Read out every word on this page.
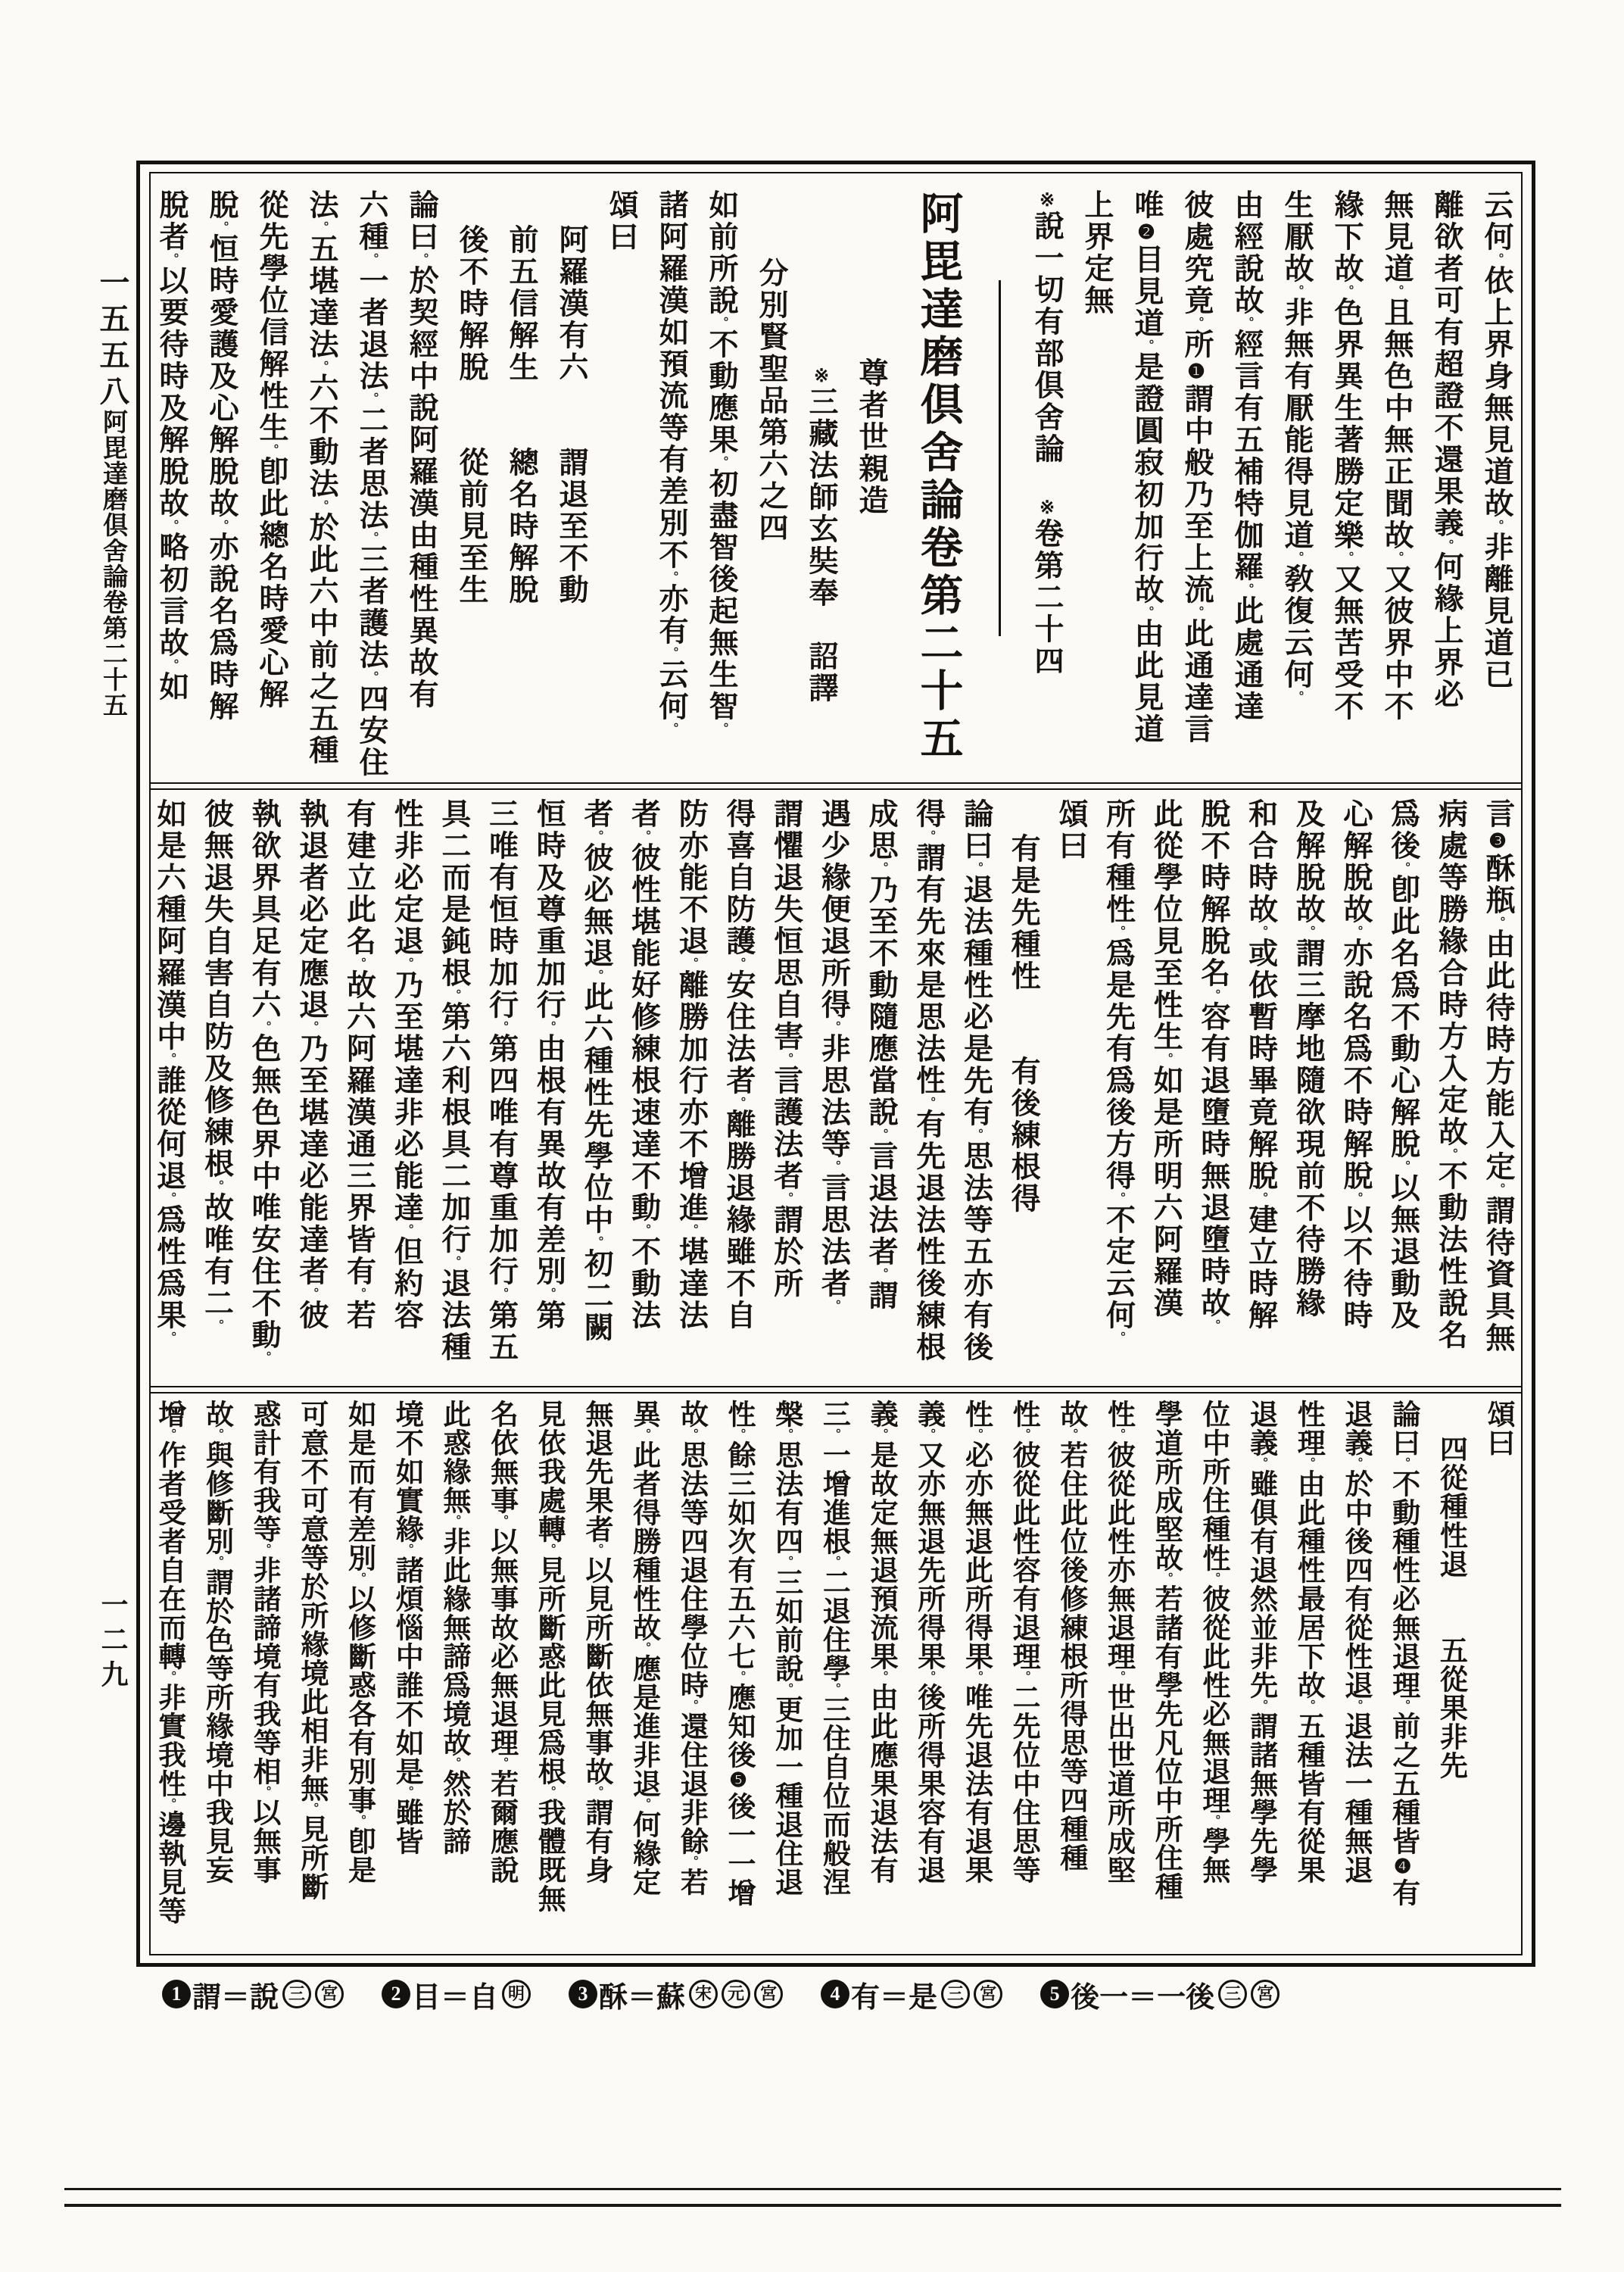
云何。依上界身無見道故。非離見道已
離欲者可有超證不還果義。何緣上界必
無見道。且無色中無正聞故。又彼界中不
緣下故。色界異生著勝定樂。又無苦受不
生厭故。非無有厭能得見道。敎復云何。
由經說故。經言有五補特伽羅。此處通達
彼處究竟。所❶謂中般乃至上流。此通達言
唯❷目見道。是證圓寂初加行故。由此見道
上界定無
※說一切有部倶舍論　※卷第二十四
阿毘達磨倶舍論卷第二十五
尊者世親造
※三藏法師玄奘奉　詔譯
分別賢聖品第六之四
如前所說。不動應果。初盡智後起無生智。
諸阿羅漢如預流等有差別不。亦有。云何。
頌曰
阿羅漢有六　　謂退至不動
前五信解生　　總名時解脫
後不時解脫　　從前見至生
論曰。於契經中說阿羅漢由種性異故有
六種。一者退法。二者思法。三者護法。四安住
法。五堪達法。六不動法。於此六中前之五種
從先學位信解性生。卽此總名時愛心解
脫。恒時愛護及心解脫故。亦說名爲時解
脫者。以要待時及解脫故。略初言故。如
言❸酥瓶。由此待時方能入定。謂待資具無
病處等勝緣合時方入定故。不動法性說名
爲後。卽此名爲不動心解脫。以無退動及
心解脫故。亦說名爲不時解脫。以不待時
及解脫故。謂三摩地隨欲現前不待勝緣
和合時故。或依暫時畢竟解脫。建立時解
脫不時解脫名。容有退墮時無退墮時故。
此從學位見至性生。如是所明六阿羅漢
所有種性。爲是先有爲後方得。不定云何。
頌曰
有是先種性　　有後練根得
論曰。退法種性必是先有。思法等五亦有後
得。謂有先來是思法性。有先退法性後練根
成思。乃至不動隨應當說。言退法者。謂
遇少緣便退所得。非思法等。言思法者。
謂懼退失恒思自害。言護法者。謂於所
得喜自防護。安住法者。離勝退緣雖不自
防亦能不退。離勝加行亦不增進。堪達法
者。彼性堪能好修練根速達不動。不動法
者。彼必無退。此六種性先學位中。初二闕
恒時及尊重加行。由根有異故有差別。第
三唯有恒時加行。第四唯有尊重加行。第五
具二而是鈍根。第六利根具二加行。退法種
性非必定退。乃至堪達非必能達。但約容
有建立此名。故六阿羅漢通三界皆有。若
執退者必定應退。乃至堪達必能達者。彼
執欲界具足有六。色無色界中唯安住不動。
彼無退失自害自防及修練根。故唯有二。
如是六種阿羅漢中。誰從何退。爲性爲果。
頌曰
四從種性退　　五從果非先
論曰。不動種性必無退理。前之五種皆❹有
退義。於中後四有從性退。退法一種無退
性理。由此種性最居下故。五種皆有從果
退義。雖俱有退然並非先。謂諸無學先學
位中所住種性。彼從此性必無退理。學無
學道所成堅故。若諸有學先凡位中所住種
性。彼從此性亦無退理。世出世道所成堅
故。若住此位後修練根所得思等四種種
性。彼從此性容有退理。二先位中住思等
性。必亦無退此所得果。唯先退法有退果
義。又亦無退先所得果。後所得果容有退
義。是故定無退預流果。由此應果退法有
三。一增進根。二退住學。三住自位而般涅
槃。思法有四。三如前說。更加一種退住退
性。餘三如次有五六七。應知後❺後一一增
故。思法等四退住學位時。還住退非餘。若
異。此者得勝種性故。應是進非退。何緣定
無退先果者。以見所斷依無事故。謂有身
見依我處轉。見所斷惑此見爲根。我體既無
名依無事。以無事故必無退理。若爾應說
此惑緣無。非此緣無諦爲境故。然於諦
境不如實緣。諸煩惱中誰不如是。雖皆
如是而有差別。以修斷惑各有別事。卽是
可意不可意等於所緣境此相非無。見所斷
惑計有我等。非諸諦境有我等相。以無事
故。與修斷別。謂於色等所緣境中我見妄
增。作者受者自在而轉。非實我性。邊執見等
1 謂＝說 三 宮	2 目＝自 明	3 酥＝蘇 宋 元 宮	4 有＝是 三 宮	5 後一＝一後 三 宮
一五五八
阿毘達磨倶舍論卷第二十五
一二九
